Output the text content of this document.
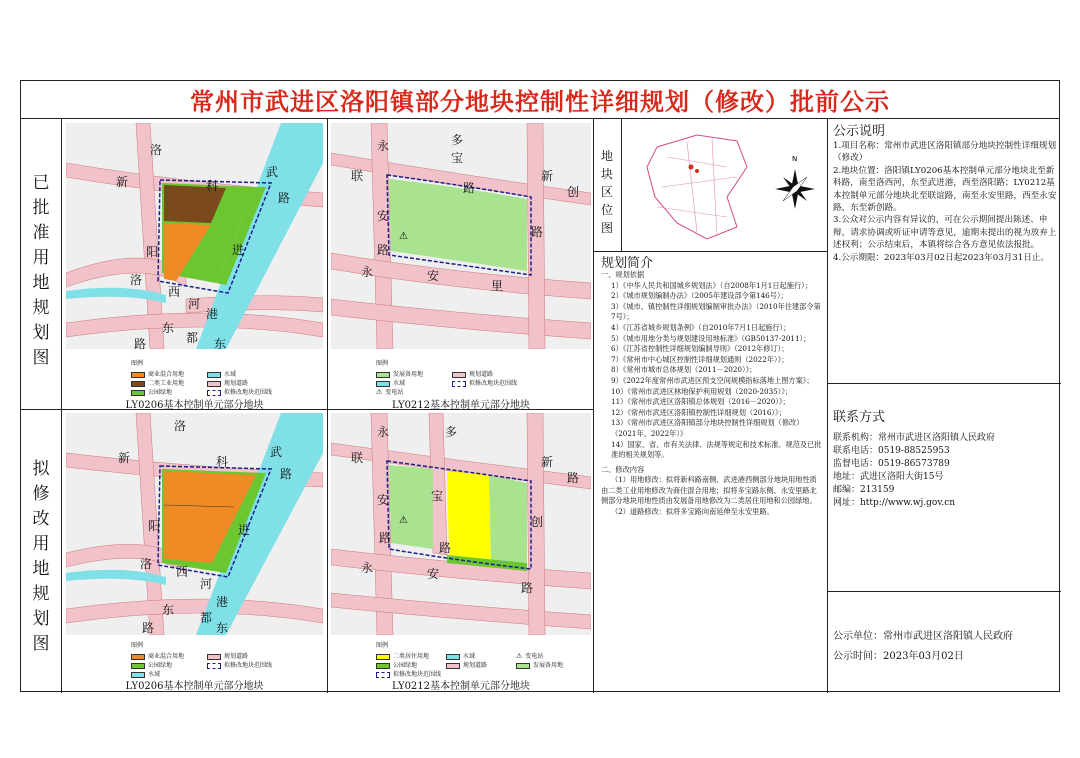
常州市武进区洛阳镇部分地块控制性详细规划（修改）批前公示
已
批
准
用
地
规
划
图
拟
修
改
用
地
规
划
图
洛
科
新
武
路
阳	进
洛
西
河
港
东
都
路	东
图例
商业混合用地	水域
二类工业用地	规划道路
公园绿地	拟修改地块范围线
LY0206基本控制单元部分地块
⚠
多
永
宝
联
路
新
安
路
永	安
里
路
创
图例
发展备用地	规划道路
水域	拟修改地块范围线
⚠ 变电站
LY0212基本控制单元部分地块
洛
武
新	科
路
阳	进
洛
西
河
港
东
都
东
路
图例
商业混合用地	规划道路
公园绿地	拟修改地块范围线
水域
LY0206基本控制单元部分地块
⚠
永	多
联
宝
新
安
路
路
路
永	安
创
路
图例
二类居住用地	水域	⚠ 变电站
公园绿地	规划道路	发展备用地
拟修改地块范围线
LY0212基本控制单元部分地块
地
块
区
位
图
N
规划简介

一、规划依据

1）《中华人民共和国城乡规划法》（自2008年1月1日起施行）；

2）《城市规划编制办法》（2005年建设部令第146号）；

3）《城市、镇控制性详细规划编制审批办法》（2010年住建部令第7号）；

4）《江苏省城乡规划条例》（自2010年7月1日起施行）；

5）《城市用地分类与规划建设用地标准》（GB50137-2011）；

6）《江苏省控制性详细规划编制导则》（2012年修订）；

7）《常州市中心城区控制性详细规划通则（2022年）》；

8）《常州市城市总体规划（2011－2020）》；

9）《2022年度常州市武进区预支空间规模指标落地上图方案》；

10）《常州市武进区林地保护利用规划（2020-2035）》；

11）《常州市武进区洛阳镇总体规划（2016－2020）》；

12）《常州市武进区洛阳镇控制性详细规划（2016）》；

13）《常州市武进区洛阳镇部分地块控制性详细规划（修改）（2021年、2022年）》

14）国家、省、市有关法律、法规等规定和技术标准、规范及已批准的相关规划等。

二、修改内容

（1）用地修改：拟将新科路南侧、武进港西侧部分地块用地性质由二类工业用地修改为商住混合用地；拟将多宝路东侧、永安里路北侧部分地块用地性质由发展备用地修改为二类居住用地和公园绿地。

（2）道路修改：拟将多宝路向南延伸至永安里路。

公示说明
1.项目名称：常州市武进区洛阳镇部分地块控制性详细规划（修改）
2.地块位置：洛阳镇LY0206基本控制单元部分地块北至新科路，南至洛西河，东至武进港，西至洛阳路；LY0212基本控制单元部分地块北至联谊路，南至永安里路，西至永安路，东至新创路。
3.公众对公示内容有异议的，可在公示期间提出陈述、申辩，请求协调或听证申请等意见，逾期未提出的视为放弃上述权利；公示结束后，本镇将综合各方意见依法报批。
4.公示期限：2023年03月02日起2023年03月31日止。
联系方式
联系机构：常州市武进区洛阳镇人民政府
联系电话：0519-88525953
监督电话：0519-86573789
地址：武进区洛阳大街15号
邮编：213159
网址：http://www.wj.gov.cn
公示单位：常州市武进区洛阳镇人民政府
公示时间：2023年03月02日
